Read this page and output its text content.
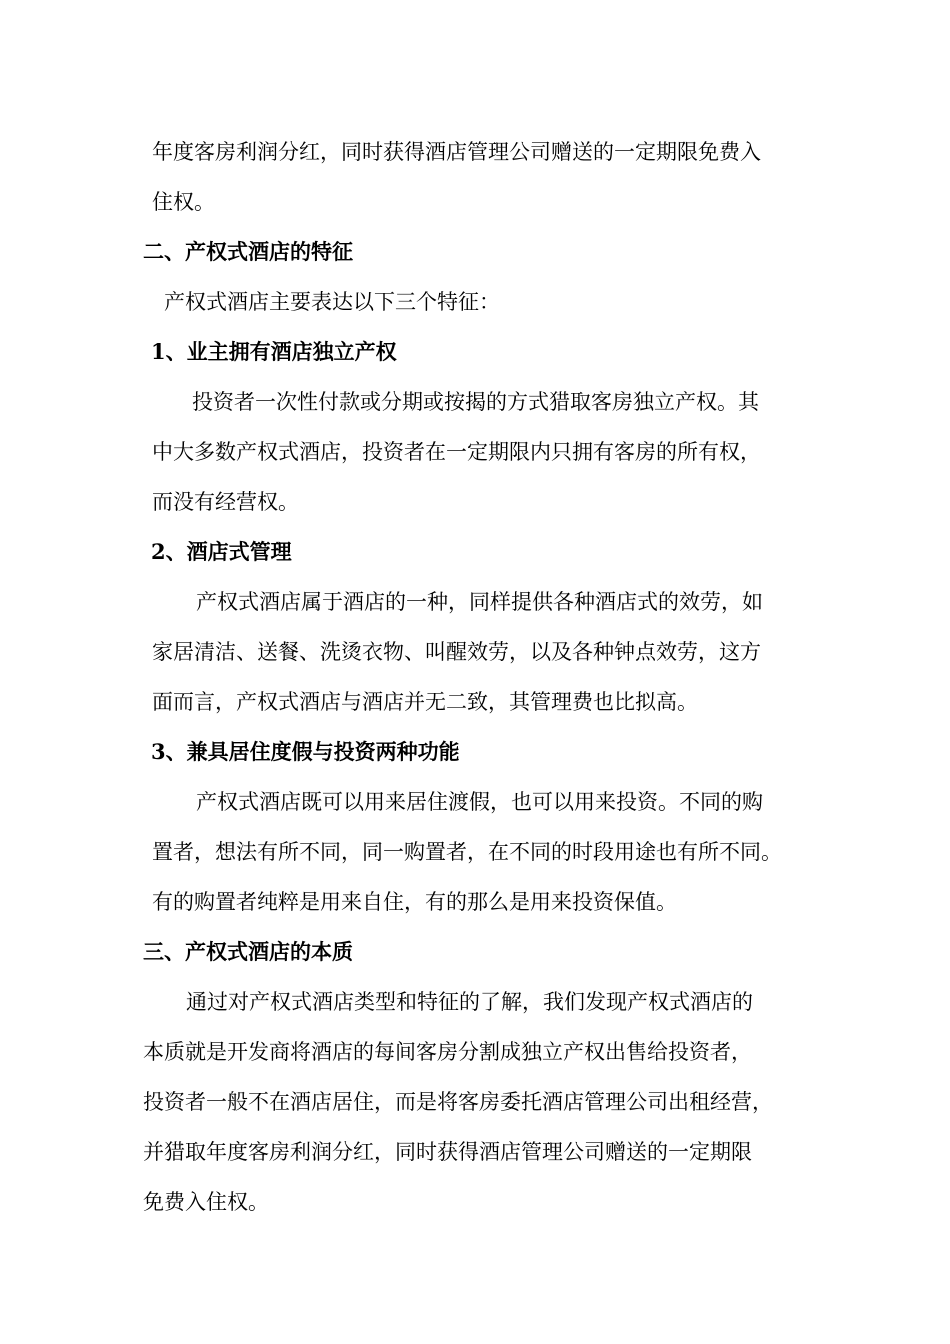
年度客房利润分红，同时获得酒店管理公司赠送的一定期限免费入
住权。
二、产权式酒店的特征
产权式酒店主要表达以下三个特征：
1、业主拥有酒店独立产权
投资者一次性付款或分期或按揭的方式猎取客房独立产权。其
中大多数产权式酒店，投资者在一定期限内只拥有客房的所有权，
而没有经营权。
2、酒店式管理
产权式酒店属于酒店的一种，同样提供各种酒店式的效劳，如
家居清洁、送餐、洗烫衣物、叫醒效劳，以及各种钟点效劳，这方
面而言，产权式酒店与酒店并无二致，其管理费也比拟高。
3、兼具居住度假与投资两种功能
产权式酒店既可以用来居住渡假，也可以用来投资。不同的购
置者，想法有所不同，同一购置者，在不同的时段用途也有所不同。
有的购置者纯粹是用来自住，有的那么是用来投资保值。
三、产权式酒店的本质
通过对产权式酒店类型和特征的了解，我们发现产权式酒店的
本质就是开发商将酒店的每间客房分割成独立产权出售给投资者，
投资者一般不在酒店居住，而是将客房委托酒店管理公司出租经营，
并猎取年度客房利润分红，同时获得酒店管理公司赠送的一定期限
免费入住权。
